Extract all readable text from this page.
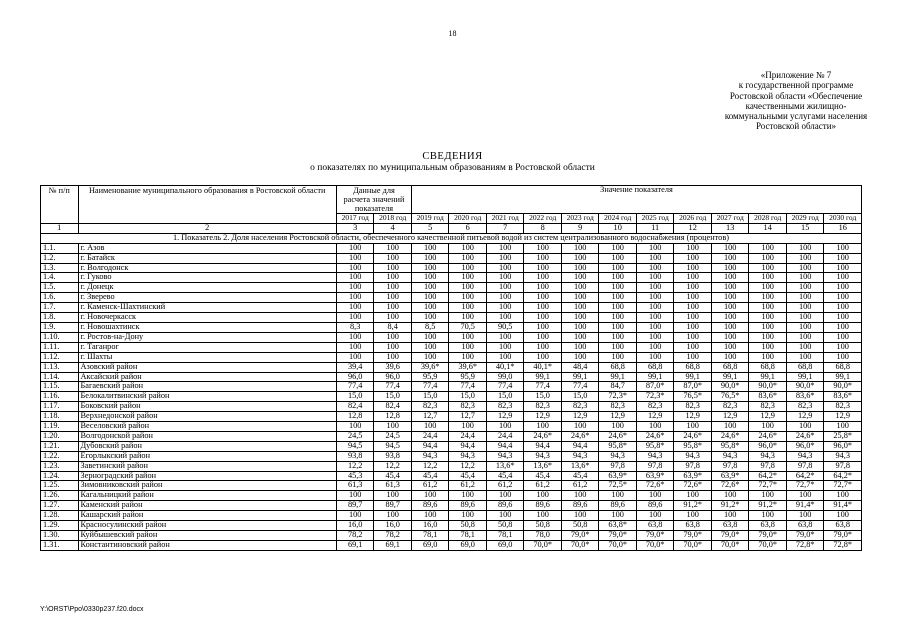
18
«Приложение № 7
к государственной программе
Ростовской области «Обеспечение
качественными жилищно-
коммунальными услугами населения
Ростовской области»
СВЕДЕНИЯ
о показателях по муниципальным образованиям в Ростовской области
№ п/п	Наименование муниципального образования в Ростовской области	Данные для расчета значений показателя		Значение показателя											
		2017 год	2018 год	2019 год	2020 год	2021 год	2022 год	2023 год	2024 год	2025 год	2026 год	2027 год	2028 год	2029 год	2030 год
1	2	3	4	5	6	7	8	9	10	11	12	13	14	15	16
1. Показатель 2. Доля населения Ростовской области, обеспеченного качественной питьевой водой из систем централизованного водоснабжения (процентов)															
1.1.	г. Азов	100	100	100	100	100	100	100	100	100	100	100	100	100	100
1.2.	г. Батайск	100	100	100	100	100	100	100	100	100	100	100	100	100	100
1.3.	г. Волгодонск	100	100	100	100	100	100	100	100	100	100	100	100	100	100
1.4.	г. Гуково	100	100	100	100	100	100	100	100	100	100	100	100	100	100
1.5.	г. Донецк	100	100	100	100	100	100	100	100	100	100	100	100	100	100
1.6.	г. Зверево	100	100	100	100	100	100	100	100	100	100	100	100	100	100
1.7.	г. Каменск-Шахтинский	100	100	100	100	100	100	100	100	100	100	100	100	100	100
1.8.	г. Новочеркасск	100	100	100	100	100	100	100	100	100	100	100	100	100	100
1.9.	г. Новошахтинск	8,3	8,4	8,5	70,5	90,5	100	100	100	100	100	100	100	100	100
1.10.	г. Ростов-на-Дону	100	100	100	100	100	100	100	100	100	100	100	100	100	100
1.11.	г. Таганрог	100	100	100	100	100	100	100	100	100	100	100	100	100	100
1.12.	г. Шахты	100	100	100	100	100	100	100	100	100	100	100	100	100	100
1.13.	Азовский район	39,4	39,6	39,6*	39,6*	40,1*	40,1*	48,4	68,8	68,8	68,8	68,8	68,8	68,8	68,8
1.14.	Аксайский район	96,0	96,0	95,9	95,9	99,0	99,1	99,1	99,1	99,1	99,1	99,1	99,1	99,1	99,1
1.15.	Багаевский район	77,4	77,4	77,4	77,4	77,4	77,4	77,4	84,7	87,0*	87,0*	90,0*	90,0*	90,0*	90,0*
1.16.	Белокалитвинский район	15,0	15,0	15,0	15,0	15,0	15,0	15,0	72,3*	72,3*	76,5*	76,5*	83,6*	83,6*	83,6*
1.17.	Боковский район	82,4	82,4	82,3	82,3	82,3	82,3	82,3	82,3	82,3	82,3	82,3	82,3	82,3	82,3
1.18.	Верхнедонской район	12,8	12,8	12,7	12,7	12,9	12,9	12,9	12,9	12,9	12,9	12,9	12,9	12,9	12,9
1.19.	Веселовский район	100	100	100	100	100	100	100	100	100	100	100	100	100	100
1.20.	Волгодонской район	24,5	24,5	24,4	24,4	24,4	24,6*	24,6*	24,6*	24,6*	24,6*	24,6*	24,6*	24,6*	25,8*
1.21.	Дубовский район	94,5	94,5	94,4	94,4	94,4	94,4	94,4	95,8*	95,8*	95,8*	95,8*	96,0*	96,0*	96,0*
1.22.	Егорлыкский район	93,8	93,8	94,3	94,3	94,3	94,3	94,3	94,3	94,3	94,3	94,3	94,3	94,3	94,3
1.23.	Заветинский район	12,2	12,2	12,2	12,2	13,6*	13,6*	13,6*	97,8	97,8	97,8	97,8	97,8	97,8	97,8
1.24.	Зерноградский район	45,3	45,4	45,4	45,4	45,4	45,4	45,4	63,9*	63,9*	63,9*	63,9*	64,2*	64,2*	64,2*
1.25.	Зимовниковский район	61,3	61,3	61,2	61,2	61,2	61,2	61,2	72,5*	72,6*	72,6*	72,6*	72,7*	72,7*	72,7*
1.26.	Кагальницкий район	100	100	100	100	100	100	100	100	100	100	100	100	100	100
1.27.	Каменский район	89,7	89,7	89,6	89,6	89,6	89,6	89,6	89,6	89,6	91,2*	91,2*	91,2*	91,4*	91,4*
1.28.	Кашарский район	100	100	100	100	100	100	100	100	100	100	100	100	100	100
1.29.	Красносулинский район	16,0	16,0	16,0	50,8	50,8	50,8	50,8	63,8*	63,8	63,8	63,8	63,8	63,8	63,8
1.30.	Куйбышевский район	78,2	78,2	78,1	78,1	78,1	78,0	79,0*	79,0*	79,0*	79,0*	79,0*	79,0*	79,0*	79,0*
1.31.	Константиновский район	69,1	69,1	69,0	69,0	69,0	70,0*	70,0*	70,0*	70,0*	70,0*	70,0*	70,0*	72,8*	72,8*
Y:\ORST\Ppo\0330p237.f20.docx
